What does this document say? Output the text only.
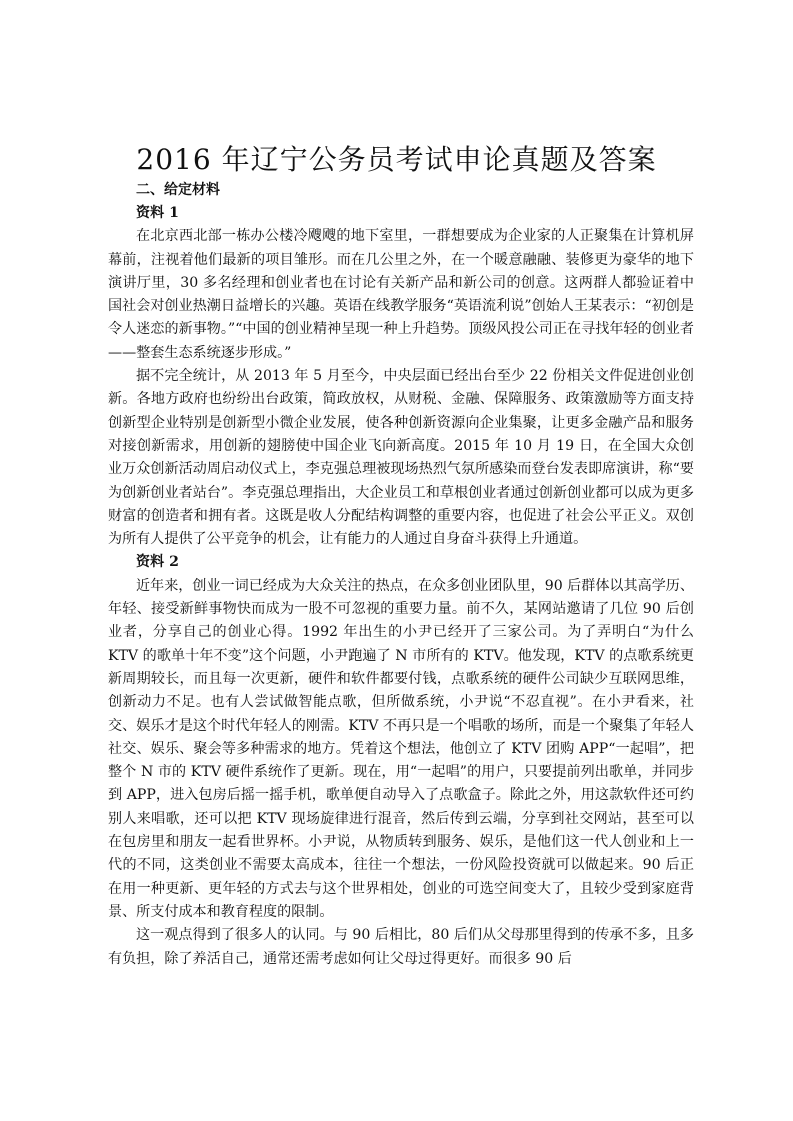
2016 年辽宁公务员考试申论真题及答案
二、给定材料

资料 1

在北京西北部一栋办公楼冷飕飕的地下室里，一群想要成为企业家的人正聚集在计算机屏幕前，注视着他们最新的项目雏形。而在几公里之外，在一个暖意融融、装修更为豪华的地下演讲厅里，30 多名经理和创业者也在讨论有关新产品和新公司的创意。这两群人都验证着中国社会对创业热潮日益增长的兴趣。英语在线教学服务“英语流利说”创始人王某表示：“初创是令人迷恋的新事物。”“中国的创业精神呈现一种上升趋势。顶级风投公司正在寻找年轻的创业者——整套生态系统逐步形成。”

据不完全统计，从 2013 年 5 月至今，中央层面已经出台至少 22 份相关文件促进创业创新。各地方政府也纷纷出台政策，简政放权，从财税、金融、保障服务、政策激励等方面支持创新型企业特别是创新型小微企业发展，使各种创新资源向企业集聚，让更多金融产品和服务对接创新需求，用创新的翅膀使中国企业飞向新高度。2015 年 10 月 19 日，在全国大众创业万众创新活动周启动仪式上，李克强总理被现场热烈气氛所感染而登台发表即席演讲，称“要为创新创业者站台”。李克强总理指出，大企业员工和草根创业者通过创新创业都可以成为更多财富的创造者和拥有者。这既是收人分配结构调整的重要内容，也促进了社会公平正义。双创为所有人提供了公平竞争的机会，让有能力的人通过自身奋斗获得上升通道。

资料 2

近年来，创业一词已经成为大众关注的热点，在众多创业团队里，90 后群体以其高学历、年轻、接受新鲜事物快而成为一股不可忽视的重要力量。前不久，某网站邀请了几位 90 后创业者，分享自己的创业心得。1992 年出生的小尹已经开了三家公司。为了弄明白“为什么 KTV 的歌单十年不变”这个问题，小尹跑遍了 N 市所有的 KTV。他发现，KTV 的点歌系统更新周期较长，而且每一次更新，硬件和软件都要付钱，点歌系统的硬件公司缺少互联网思维，创新动力不足。也有人尝试做智能点歌，但所做系统，小尹说“不忍直视”。在小尹看来，社交、娱乐才是这个时代年轻人的刚需。KTV 不再只是一个唱歌的场所，而是一个聚集了年轻人社交、娱乐、聚会等多种需求的地方。凭着这个想法，他创立了 KTV 团购 APP“一起唱”，把整个 N 市的 KTV 硬件系统作了更新。现在，用“一起唱”的用户，只要提前列出歌单，并同步到 APP，进入包房后摇一摇手机，歌单便自动导入了点歌盒子。除此之外，用这款软件还可约别人来唱歌，还可以把 KTV 现场旋律进行混音，然后传到云端，分享到社交网站，甚至可以在包房里和朋友一起看世界杯。小尹说，从物质转到服务、娱乐，是他们这一代人创业和上一代的不同，这类创业不需要太高成本，往往一个想法，一份风险投资就可以做起来。90 后正在用一种更新、更年轻的方式去与这个世界相处，创业的可选空间变大了，且较少受到家庭背景、所支付成本和教育程度的限制。

这一观点得到了很多人的认同。与 90 后相比，80 后们从父母那里得到的传承不多，且多有负担，除了养活自己，通常还需考虑如何让父母过得更好。而很多 90 后
